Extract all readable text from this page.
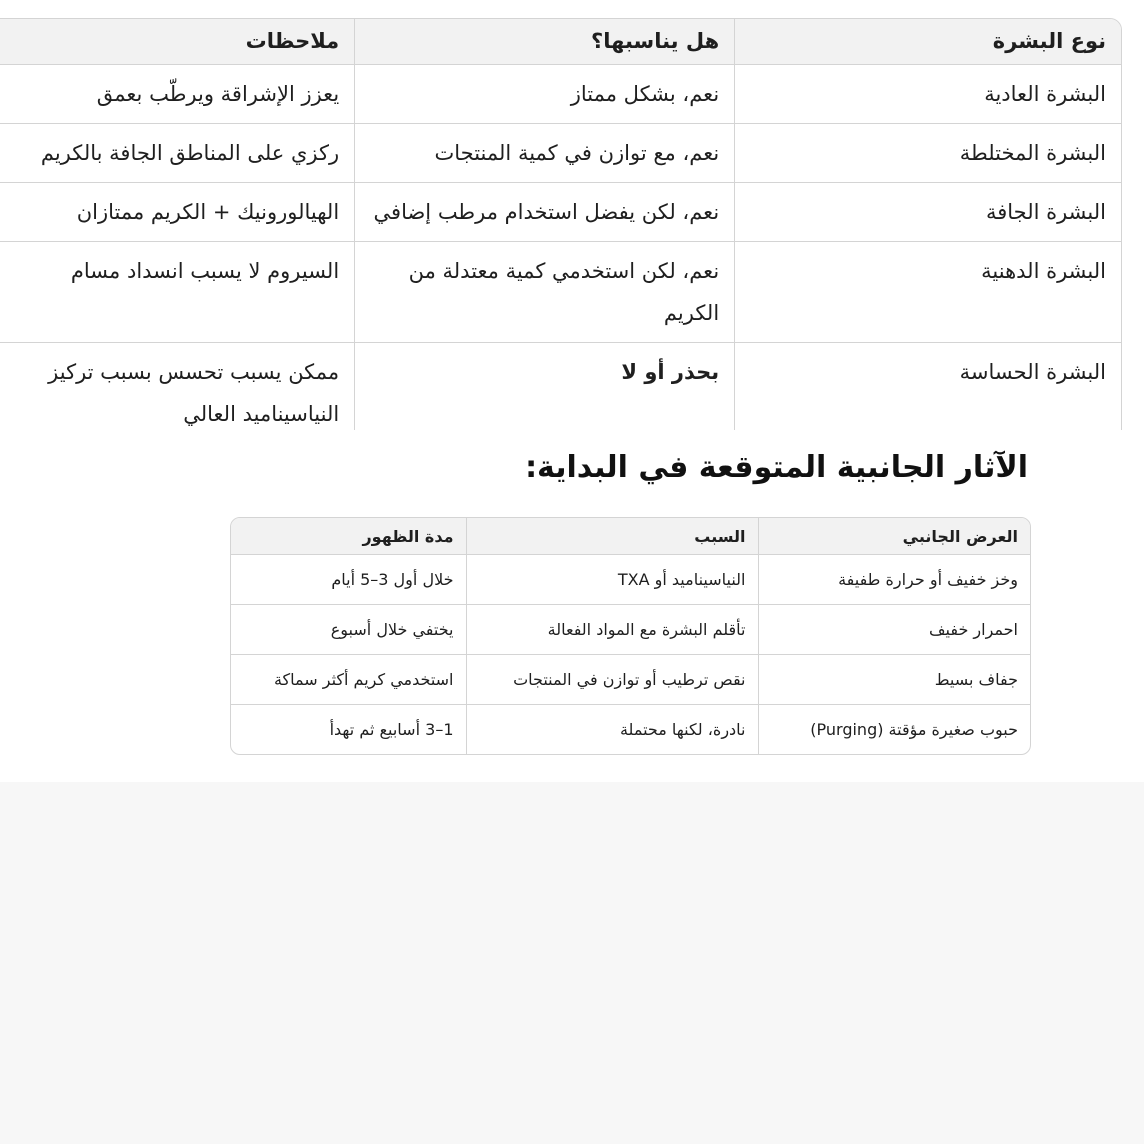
نوع البشرة	هل يناسبها؟	ملاحظات
البشرة العادية	نعم، بشكل ممتاز	يعزز الإشراقة ويرطّب بعمق
البشرة المختلطة	نعم، مع توازن في كمية المنتجات	ركزي على المناطق الجافة بالكريم
البشرة الجافة	نعم، لكن يفضل استخدام مرطب إضافي	الهيالورونيك + الكريم ممتازان
البشرة الدهنية	نعم، لكن استخدمي كمية معتدلة من الكريم	السيروم لا يسبب انسداد مسام
البشرة الحساسة	بحذر أو لا	ممكن يسبب تحسس بسبب تركيز النياسيناميد العالي
الآثار الجانبية المتوقعة في البداية:
العرض الجانبي	السبب	مدة الظهور
وخز خفيف أو حرارة طفيفة	النياسيناميد أو TXA	خلال أول 3–5 أيام
احمرار خفيف	تأقلم البشرة مع المواد الفعالة	يختفي خلال أسبوع
جفاف بسيط	نقص ترطيب أو توازن في المنتجات	استخدمي كريم أكثر سماكة
حبوب صغيرة مؤقتة (Purging)	نادرة، لكنها محتملة	1–3 أسابيع ثم تهدأ
